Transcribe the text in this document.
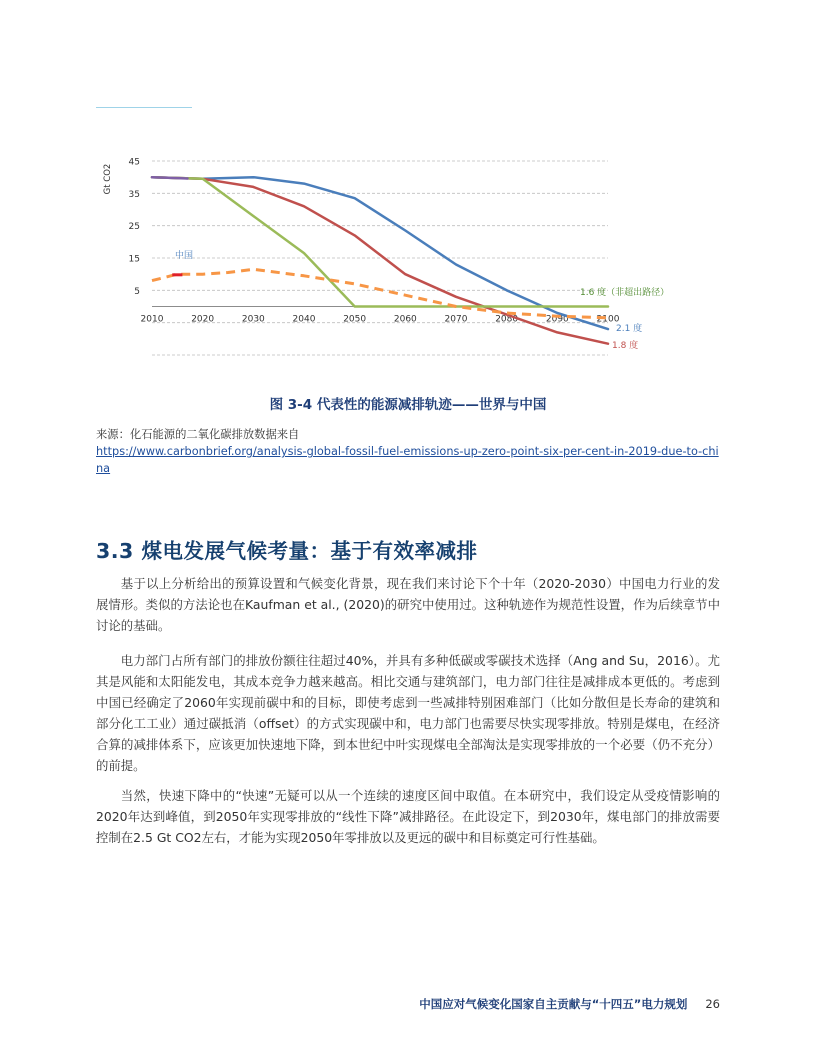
5
15
25
35
45
2010	2020	2030	2040	2050	2060	2070	2080	2090	2100
Gt CO2
中国
1.6 度（非超出路径）
2.1 度
1.8 度
图 3-4 代表性的能源减排轨迹——世界与中国
来源：化石能源的二氧化碳排放数据来自
https://www.carbonbrief.org/analysis-global-fossil-fuel-emissions-up-zero-point-six-per-cent-in-2019-due-to-china
3.3 煤电发展气候考量：基于有效率减排

基于以上分析给出的预算设置和气候变化背景，现在我们来讨论下个十年（2020-2030）中国电力行业的发展情形。类似的方法论也在Kaufman et al., (2020)的研究中使用过。这种轨迹作为规范性设置，作为后续章节中讨论的基础。

电力部门占所有部门的排放份额往往超过40%，并具有多种低碳或零碳技术选择（Ang and Su，2016）。尤其是风能和太阳能发电，其成本竞争力越来越高。相比交通与建筑部门，电力部门往往是减排成本更低的。考虑到中国已经确定了2060年实现前碳中和的目标，即使考虑到一些减排特别困难部门（比如分散但是长寿命的建筑和部分化工工业）通过碳抵消（offset）的方式实现碳中和，电力部门也需要尽快实现零排放。特别是煤电，在经济合算的减排体系下，应该更加快速地下降，到本世纪中叶实现煤电全部淘汰是实现零排放的一个必要（仍不充分）的前提。

当然，快速下降中的“快速”无疑可以从一个连续的速度区间中取值。在本研究中，我们设定从受疫情影响的2020年达到峰值，到2050年实现零排放的“线性下降”减排路径。在此设定下，到2030年，煤电部门的排放需要控制在2.5 Gt CO2左右，才能为实现2050年零排放以及更远的碳中和目标奠定可行性基础。

中国应对气候变化国家自主贡献与“十四五”电力规划 26
